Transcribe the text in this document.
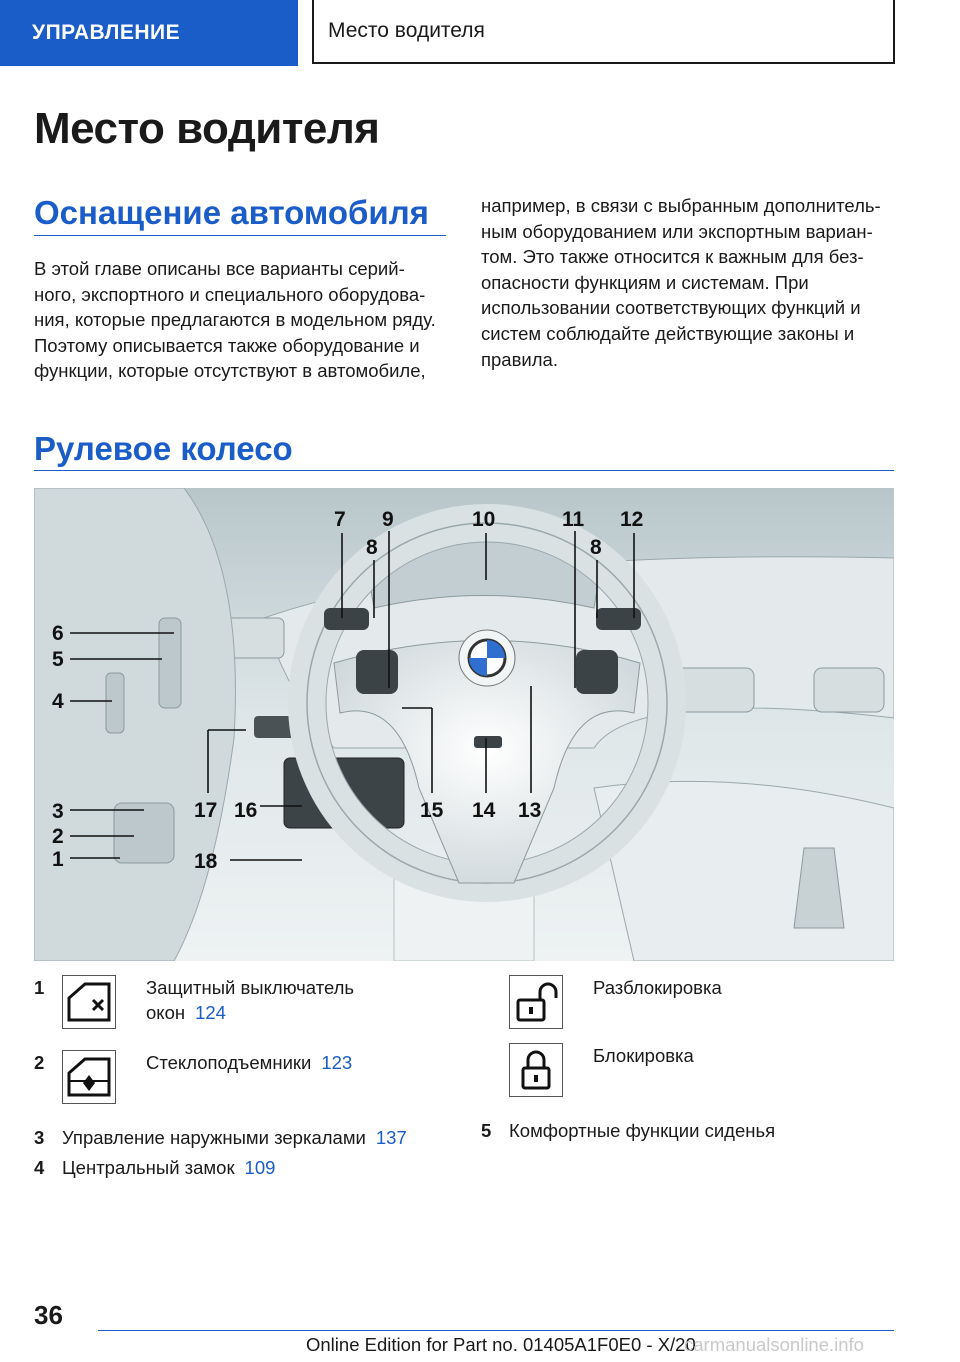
УПРАВЛЕНИЕ	Место водителя
Место водителя
Оснащение автомобиля

В этой главе описаны все варианты серий-
ного, экспортного и специального оборудова-
ния, которые предлагаются в модельном ряду.
Поэтому описывается также оборудование и
функции, которые отсутствуют в автомобиле,

например, в связи с выбранным дополнитель-
ным оборудованием или экспортным вариан-
том. Это также относится к важным для без-
опасности функциям и системам. При
использовании соответствующих функций и
систем соблюдайте действующие законы и
правила.

Рулевое колесо
6
5
4
3
2
1
7
8
9	10	11
8
12
13
14
15
16
17
18
1	Защитный выключатель
окон 124
2	Стеклоподъемники 123
3 Управление наружными зеркалами 137
4 Центральный замок 109
Разблокировка
Блокировка
5 Комфортные функции сиденья
36
Online Edition for Part no. 01405A1F0E0 - X/20
carmanualsonline.info
